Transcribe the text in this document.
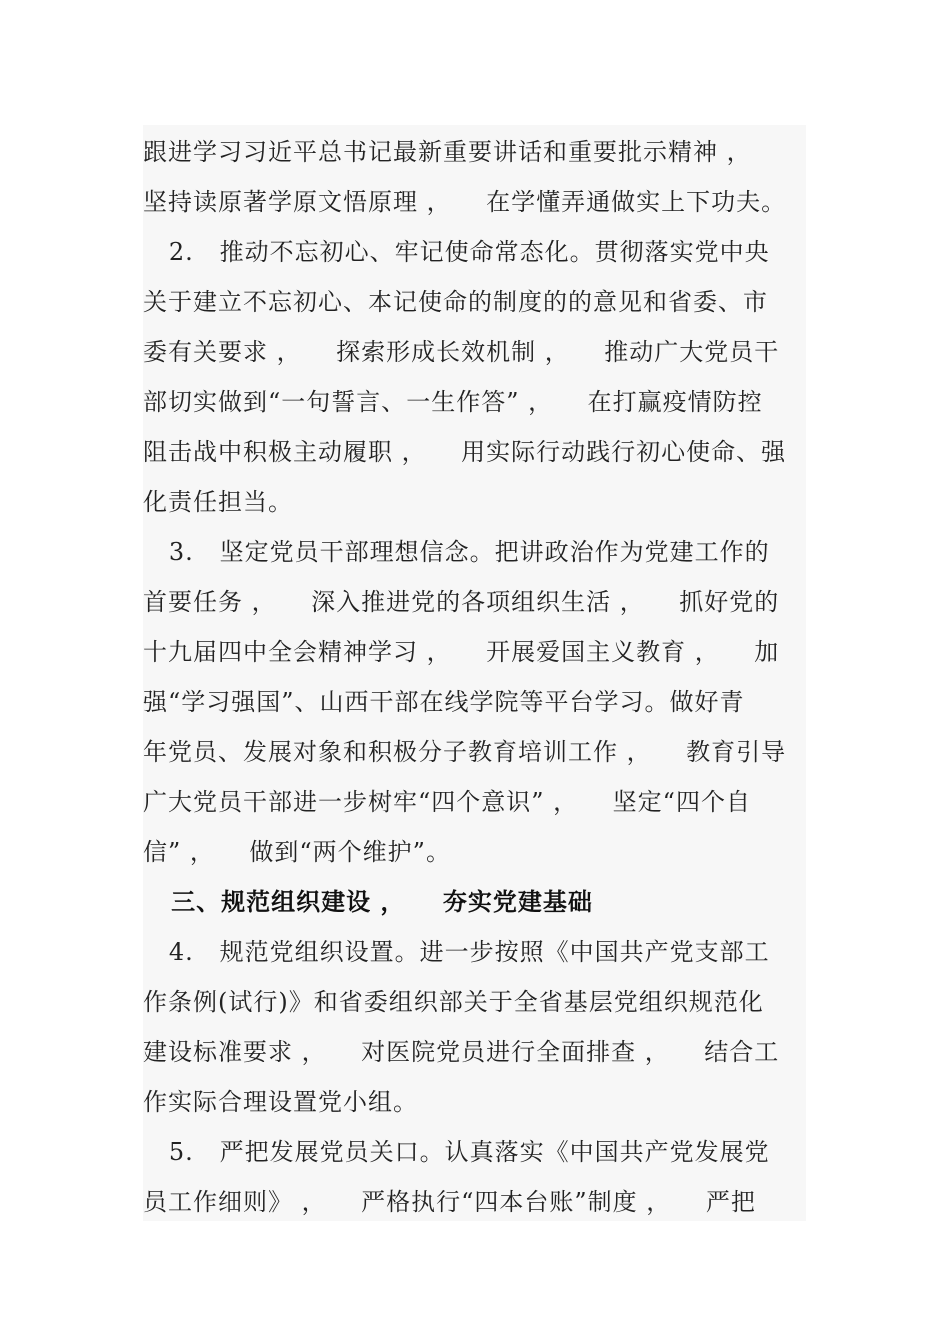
跟进学习习近平总书记最新重要讲话和重要批示精神 ，
坚持读原著学原文悟原理 ，    在学懂弄通做实上下功夫。
2.   推动不忘初心、牢记使命常态化。贯彻落实党中央
关于建立不忘初心、本记使命的制度的的意见和省委、市
委有关要求 ，    探索形成长效机制 ，    推动广大党员干
部切实做到“一句誓言、一生作答” ，    在打赢疫情防控
阻击战中积极主动履职 ，    用实际行动践行初心使命、强
化责任担当。
3.   坚定党员干部理想信念。把讲政治作为党建工作的
首要任务 ，    深入推进党的各项组织生活 ，    抓好党的
十九届四中全会精神学习 ，    开展爱国主义教育 ，    加
强“学习强国”、山西干部在线学院等平台学习。做好青
年党员、发展对象和积极分子教育培训工作 ，    教育引导
广大党员干部进一步树牢“四个意识” ，    坚定“四个自
信” ，    做到“两个维护”。
三、规范组织建设 ，    夯实党建基础
4.   规范党组织设置。进一步按照《中国共产党支部工
作条例(试行)》和省委组织部关于全省基层党组织规范化
建设标准要求 ，    对医院党员进行全面排查 ，    结合工
作实际合理设置党小组。
5.   严把发展党员关口。认真落实《中国共产党发展党
员工作细则》 ，    严格执行“四本台账”制度 ，    严把
